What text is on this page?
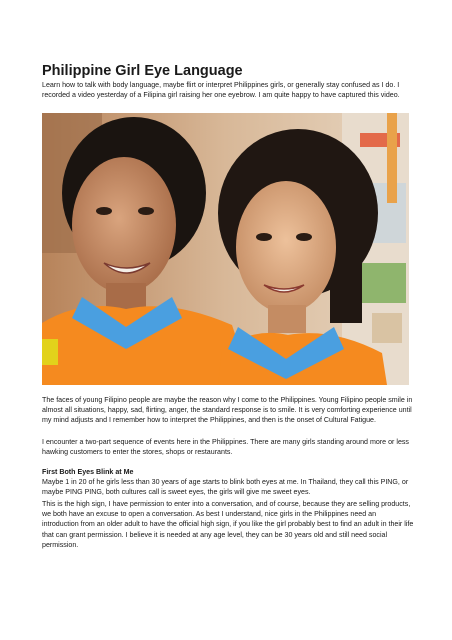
Philippine Girl Eye Language

Learn how to talk with body language, maybe flirt or interpret Philippines girls, or generally stay confused as I do. I recorded a video yesterday of a Filipina girl raising her one eyebrow. I am quite happy to have captured this video.

The faces of young Filipino people are maybe the reason why I come to the Philippines. Young Filipino people smile in almost all situations, happy, sad, flirting, anger, the standard response is to smile. It is very comforting experience until my mind adjusts and I remember how to interpret the Philippines, and then is the onset of Cultural Fatigue.

I encounter a two-part sequence of events here in the Philippines. There are many girls standing around more or less hawking customers to enter the stores, shops or restaurants.

First Both Eyes Blink at Me

Maybe 1 in 20 of he girls less than 30 years of age starts to blink both eyes at me. In Thailand, they call this PING, or maybe PING PING, both cultures call is sweet eyes, the girls will give me sweet eyes.

This is the high sign, I have permission to enter into a conversation, and of course, because they are selling products, we both have an excuse to open a conversation. As best I understand, nice girls in the Philippines need an introduction from an older adult to have the official high sign, if you like the girl probably best to find an adult in their life that can grant permission. I believe it is needed at any age level, they can be 30 years old and still need social permission.
